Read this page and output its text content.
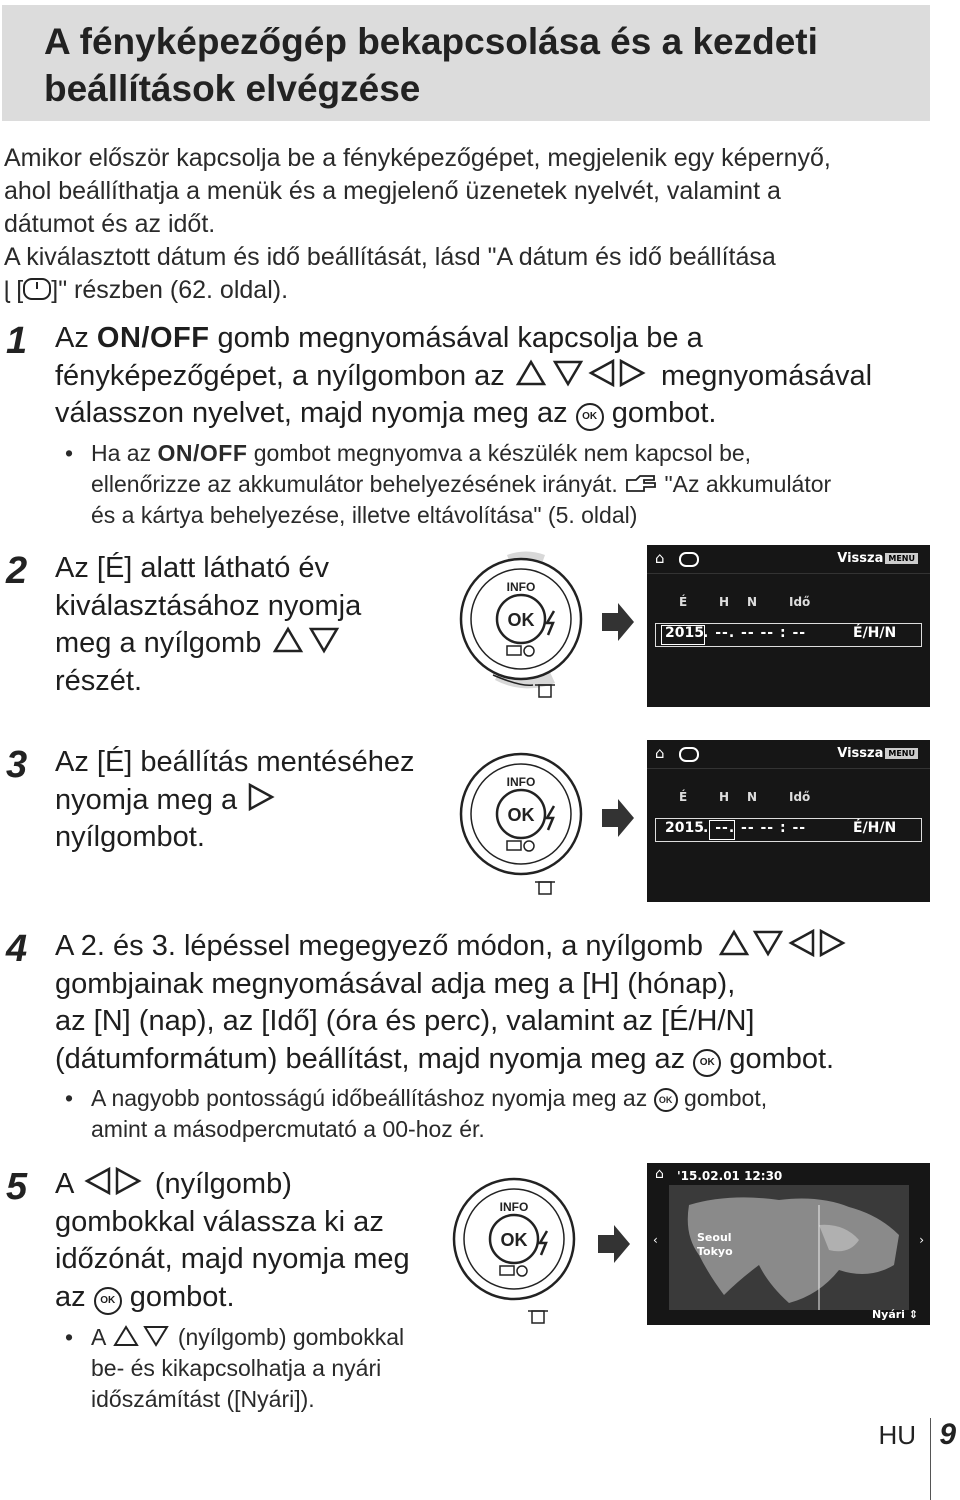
A fényképezőgép bekapcsolása és a kezdeti beállítások elvégzése

Amikor először kapcsolja be a fényképezőgépet, megjelenik egy képernyő,

ahol beállíthatja a menük és a megjelenő üzenetek nyelvét, valamint a

dátumot és az időt.

A kiválasztott dátum és idő beállítását, lásd "A dátum és idő beállítása

ɭ [ ]" részben (62. oldal).

1 Az ON/OFF gomb megnyomásával kapcsolja be a
fényképezőgépet, a nyílgombon az	megnyomásával
válasszon nyelvet, majd nyomja meg az OK gombot.
• Ha az ON/OFF gombot megnyomva a készülék nem kapcsol be,
ellenőrizze az akkumulátor behelyezésének irányát. "Az akkumulátor
és a kártya behelyezése, illetve eltávolítása" (5. oldal)
2 Az [É] alatt látható év
kiválasztásához nyomja
meg a nyílgomb
részét.
OK
INFO
⌂	Vissza MENU
É	H N	Idő
2015 . --. -- -- : --	É/H/N
3 Az [É] beállítás mentéséhez
nyomja meg a
nyílgombot.
OK
INFO
⌂	Vissza MENU
É	H N	Idő
2015 . --. -- -- : --	É/H/N
4 A 2. és 3. lépéssel megegyező módon, a nyílgomb
gombjainak megnyomásával adja meg a [H] (hónap),
az [N] (nap), az [Idő] (óra és perc), valamint az [É/H/N]
(dátumformátum) beállítást, majd nyomja meg az OK gombot.
• A nagyobb pontosságú időbeállításhoz nyomja meg az OK gombot,
amint a másodpercmutató a 00-hoz ér.
5 A	(nyílgomb)
gombokkal válassza ki az
időzónát, majd nyomja meg
az OK gombot.
• A	(nyílgomb) gombokkal
be- és kikapcsolhatja a nyári
időszámítást ([Nyári]).
OK
INFO
⌂ '15.02.01 12:30
Seoul
Tokyo
‹	›
Nyári ⇕
HU 9
